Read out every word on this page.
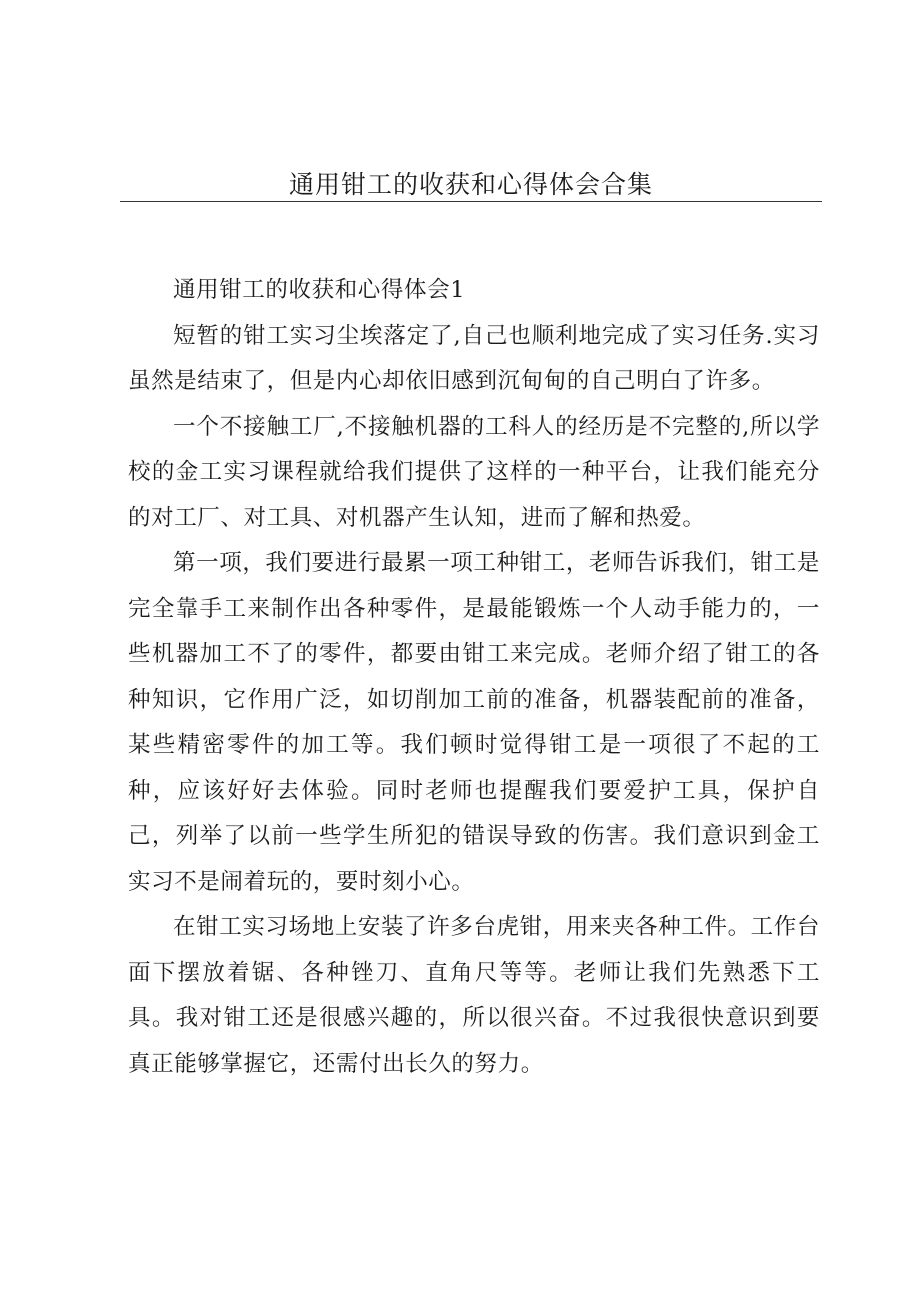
通用钳工的收获和心得体会合集
通用钳工的收获和心得体会1

短暂的钳工实习尘埃落定了,自己也顺利地完成了实习任务.实习虽然是结束了，但是内心却依旧感到沉甸甸的自己明白了许多。

一个不接触工厂,不接触机器的工科人的经历是不完整的,所以学校的金工实习课程就给我们提供了这样的一种平台，让我们能充分的对工厂、对工具、对机器产生认知，进而了解和热爱。

第一项，我们要进行最累一项工种钳工，老师告诉我们，钳工是完全靠手工来制作出各种零件，是最能锻炼一个人动手能力的，一些机器加工不了的零件，都要由钳工来完成。老师介绍了钳工的各种知识，它作用广泛，如切削加工前的准备，机器装配前的准备，某些精密零件的加工等。我们顿时觉得钳工是一项很了不起的工种，应该好好去体验。同时老师也提醒我们要爱护工具，保护自己，列举了以前一些学生所犯的错误导致的伤害。我们意识到金工实习不是闹着玩的，要时刻小心。

在钳工实习场地上安装了许多台虎钳，用来夹各种工件。工作台面下摆放着锯、各种锉刀、直角尺等等。老师让我们先熟悉下工具。我对钳工还是很感兴趣的，所以很兴奋。不过我很快意识到要真正能够掌握它，还需付出长久的努力。
